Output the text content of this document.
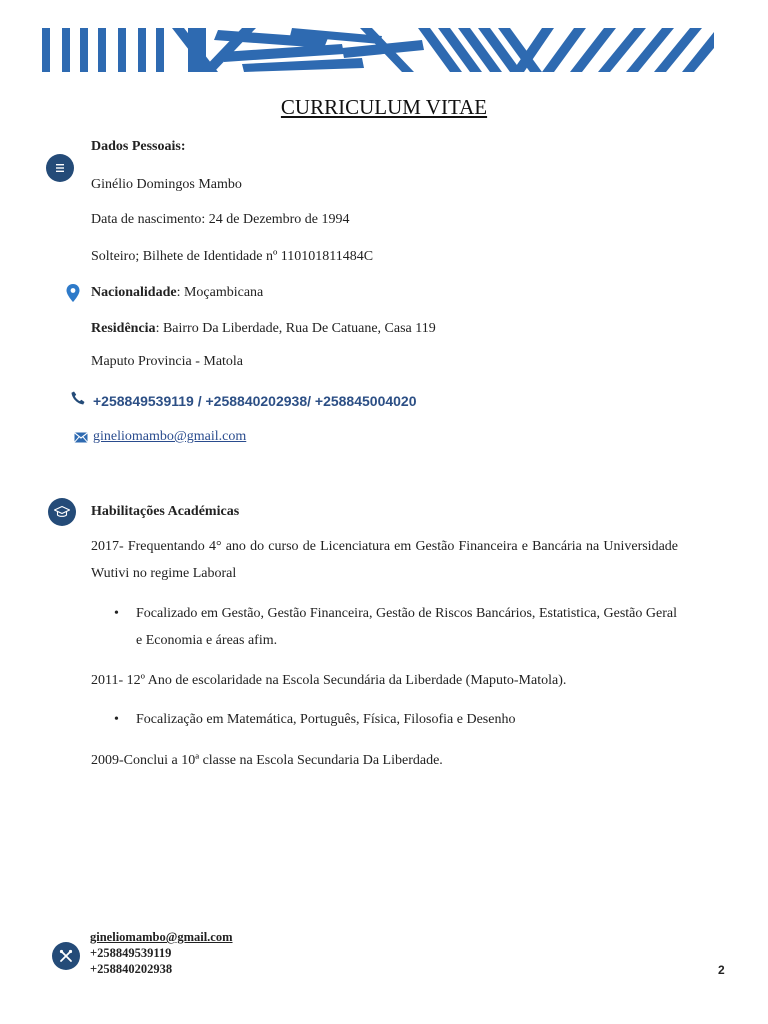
CURRICULUM VITAE
Dados Pessoais:
Ginélio Domingos Mambo
Data de nascimento: 24 de Dezembro de 1994
Solteiro; Bilhete de Identidade nº 110101811484C
Nacionalidade: Moçambicana
Residência: Bairro Da Liberdade, Rua De Catuane, Casa 119
Maputo Provincia - Matola
+258849539119 / +258840202938/ +258845004020
gineliomambo@gmail.com
Habilitações Académicas
2017- Frequentando 4° ano do curso de Licenciatura em Gestão Financeira e Bancária na Universidade Wutivi no regime Laboral
• Focalizado em Gestão, Gestão Financeira, Gestão de Riscos Bancários, Estatistica, Gestão Geral e Economia e áreas afim.
2011- 12º Ano de escolaridade na Escola Secundária da Liberdade (Maputo-Matola).
• Focalização em Matemática, Português, Física, Filosofia e Desenho
2009-Conclui a 10ª classe na Escola Secundaria Da Liberdade.
gineliomambo@gmail.com
+258849539119
+258840202938	2
